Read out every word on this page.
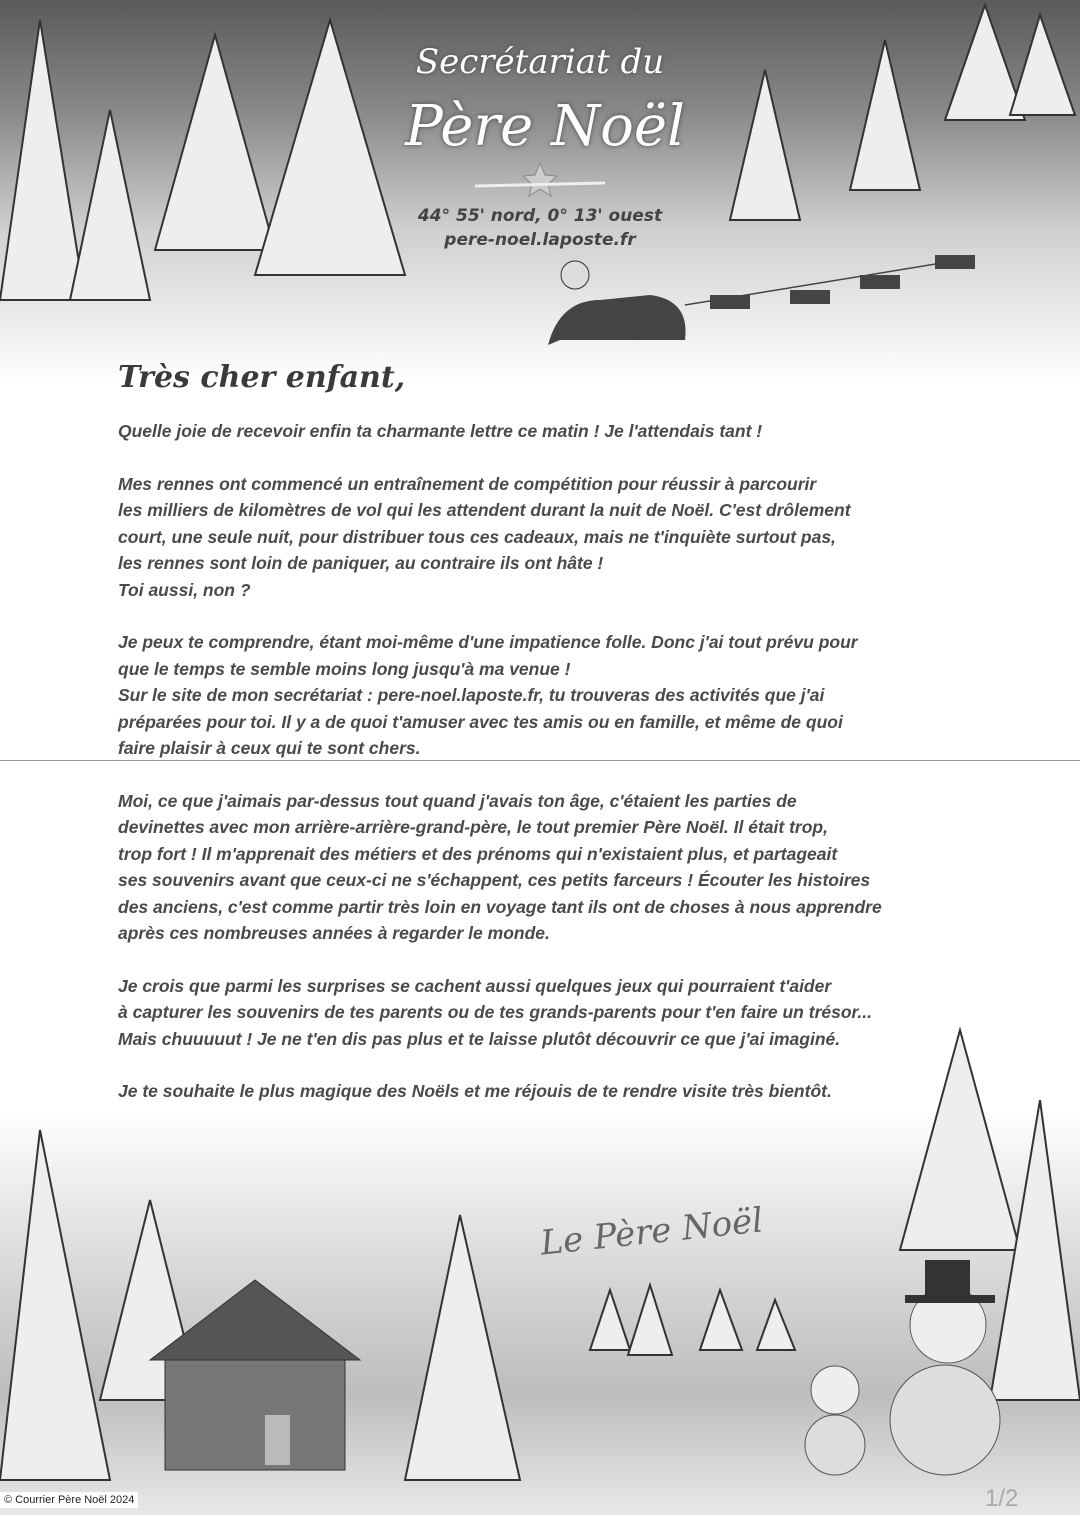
Secrétariat du
Père Noël
44° 55' nord, 0° 13' ouest
pere-noel.laposte.fr
Très cher enfant,

Quelle joie de recevoir enfin ta charmante lettre ce matin ! Je l'attendais tant !

Mes rennes ont commencé un entraînement de compétition pour réussir à parcourir
les milliers de kilomètres de vol qui les attendent durant la nuit de Noël. C'est drôlement
court, une seule nuit, pour distribuer tous ces cadeaux, mais ne t'inquiète surtout pas,
les rennes sont loin de paniquer, au contraire ils ont hâte !
Toi aussi, non ?

Je peux te comprendre, étant moi-même d'une impatience folle. Donc j'ai tout prévu pour
que le temps te semble moins long jusqu'à ma venue !
Sur le site de mon secrétariat : pere-noel.laposte.fr, tu trouveras des activités que j'ai
préparées pour toi. Il y a de quoi t'amuser avec tes amis ou en famille, et même de quoi
faire plaisir à ceux qui te sont chers.

Moi, ce que j'aimais par-dessus tout quand j'avais ton âge, c'étaient les parties de
devinettes avec mon arrière-arrière-grand-père, le tout premier Père Noël. Il était trop,
trop fort ! Il m'apprenait des métiers et des prénoms qui n'existaient plus, et partageait
ses souvenirs avant que ceux-ci ne s'échappent, ces petits farceurs ! Écouter les histoires
des anciens, c'est comme partir très loin en voyage tant ils ont de choses à nous apprendre
après ces nombreuses années à regarder le monde.

Je crois que parmi les surprises se cachent aussi quelques jeux qui pourraient t'aider
à capturer les souvenirs de tes parents ou de tes grands-parents pour t'en faire un trésor...
Mais chuuuuut ! Je ne t'en dis pas plus et te laisse plutôt découvrir ce que j'ai imaginé.

Je te souhaite le plus magique des Noëls et me réjouis de te rendre visite très bientôt.

Le Père Noël
© Courrier Père Noël 2024	1/2
